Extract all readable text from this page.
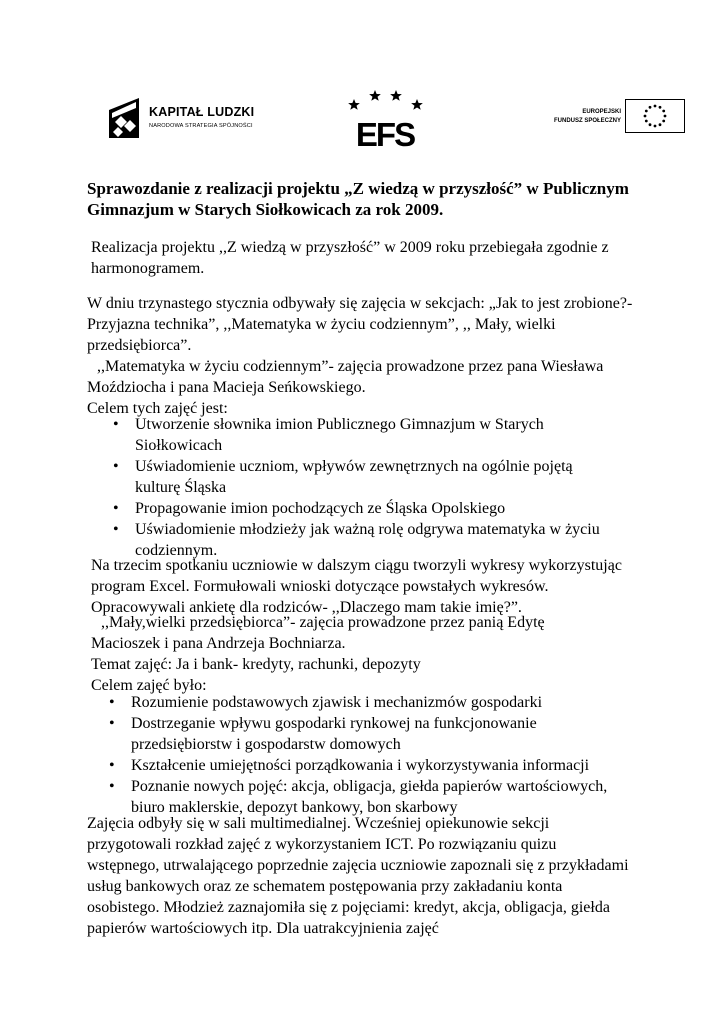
KAPITAŁ LUDZKI
NARODOWA STRATEGIA SPÓJNOŚCI	EFS
EUROPEJSKI
FUNDUSZ SPOŁECZNY
Sprawozdanie z realizacji projektu „Z wiedzą w przyszłość” w Publicznym Gimnazjum w Starych Siołkowicach za rok 2009.

Realizacja projektu ,,Z wiedzą w przyszłość” w 2009 roku przebiegała zgodnie z harmonogramem.

W dniu trzynastego stycznia odbywały się zajęcia w sekcjach: „Jak to jest zrobione?- Przyjazna technika”, ,,Matematyka w życiu codziennym”, ,, Mały, wielki przedsiębiorca”.

,,Matematyka w życiu codziennym”- zajęcia prowadzone przez pana Wiesława Moździocha i pana Macieja Seńkowskiego.

Celem tych zajęć jest:

• Utworzenie słownika imion Publicznego Gimnazjum w Starych Siołkowicach
• Uświadomienie uczniom, wpływów zewnętrznych na ogólnie pojętą kulturę Śląska
• Propagowanie imion pochodzących ze Śląska Opolskiego
• Uświadomienie młodzieży jak ważną rolę odgrywa matematyka w życiu codziennym.

Na trzecim spotkaniu uczniowie w dalszym ciągu tworzyli wykresy wykorzystując program Excel. Formułowali wnioski dotyczące powstałych wykresów. Opracowywali ankietę dla rodziców- ,,Dlaczego mam takie imię?”.

,,Mały,wielki przedsiębiorca”- zajęcia prowadzone przez panią Edytę Macioszek i pana Andrzeja Bochniarza.

Temat zajęć: Ja i bank- kredyty, rachunki, depozyty

Celem zajęć było:

• Rozumienie podstawowych zjawisk i mechanizmów gospodarki
• Dostrzeganie wpływu gospodarki rynkowej na funkcjonowanie przedsiębiorstw i gospodarstw domowych
• Kształcenie umiejętności porządkowania i wykorzystywania informacji
• Poznanie nowych pojęć: akcja, obligacja, giełda papierów wartościowych, biuro maklerskie, depozyt bankowy, bon skarbowy

Zajęcia odbyły się w sali multimedialnej. Wcześniej opiekunowie sekcji przygotowali rozkład zajęć z wykorzystaniem ICT. Po rozwiązaniu quizu wstępnego, utrwalającego poprzednie zajęcia uczniowie zapoznali się z przykładami usług bankowych oraz ze schematem postępowania przy zakładaniu konta osobistego. Młodzież zaznajomiła się z pojęciami: kredyt, akcja, obligacja, giełda papierów wartościowych itp. Dla uatrakcyjnienia zajęć
